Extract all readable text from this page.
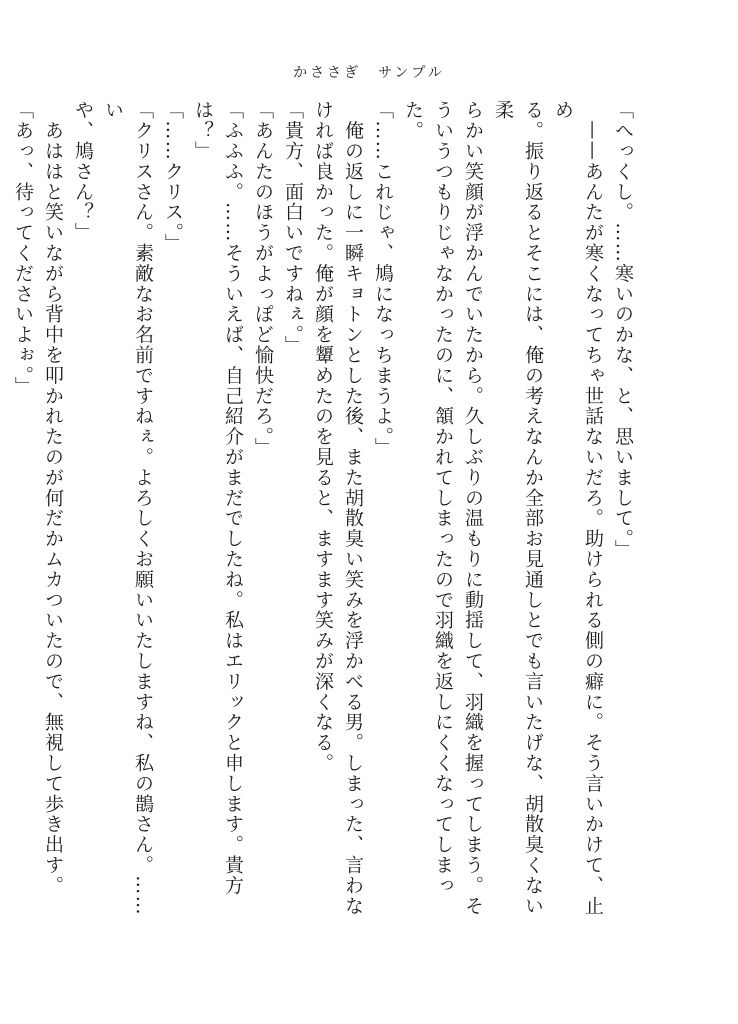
かささぎ　サンプル

「へっくし。……寒いのかな、と、思いまして。」

　——あんたが寒くなってちゃ世話ないだろ。助けられる側の癖に。そう言いかけて、止め

る。振り返るとそこには、俺の考えなんか全部お見通しとでも言いたげな、胡散臭くない柔

らかい笑顔が浮かんでいたから。久しぶりの温もりに動揺して、羽織を握ってしまう。そ

ういうつもりじゃなかったのに、頷かれてしまったので羽織を返しにくくなってしまった。

「……これじゃ、鳩になっちまうよ。」

　俺の返しに一瞬キョトンとした後、また胡散臭い笑みを浮かべる男。しまった、言わな

ければ良かった。俺が顔を顰めたのを見ると、ますます笑みが深くなる。

「貴方、面白いですねぇ。」

「あんたのほうがよっぽど愉快だろ。」

「ふふふ。……そういえば、自己紹介がまだでしたね。私はエリックと申します。貴方は？」

「……クリス。」

「クリスさん。素敵なお名前ですねぇ。よろしくお願いいたしますね、私の鵲さん。……い

や、鳩さん？」

　あははと笑いながら背中を叩かれたのが何だかムカついたので、無視して歩き出す。

「あっ、待ってくださいよぉ。」
